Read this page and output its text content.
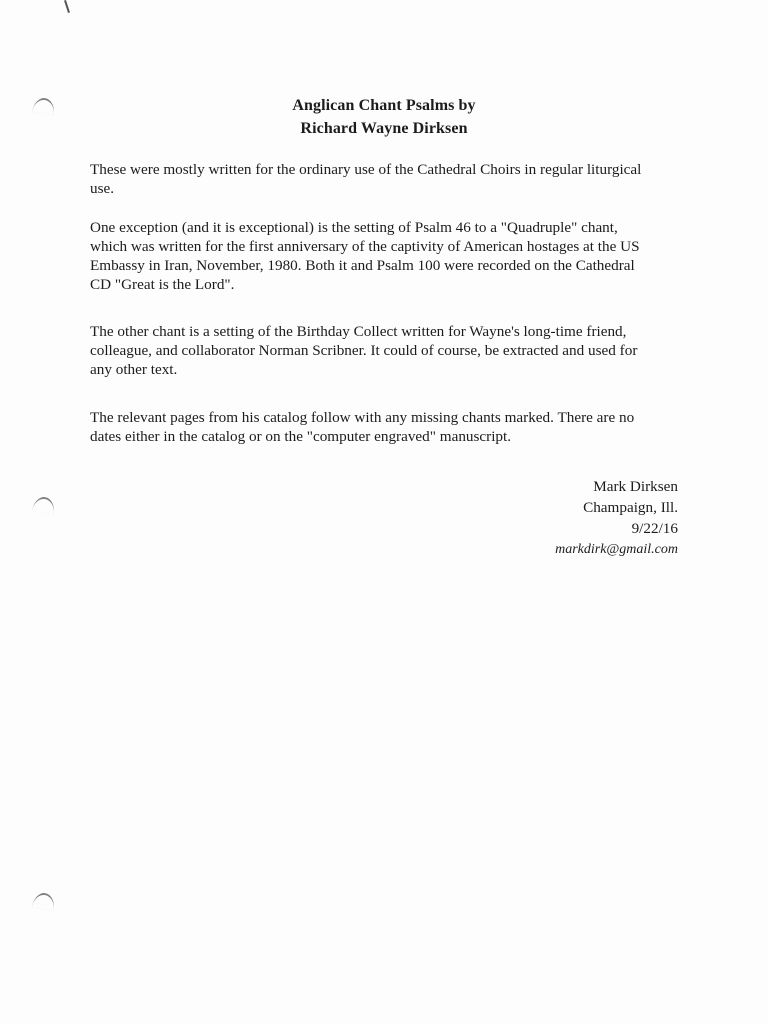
Anglican Chant Psalms by
Richard Wayne Dirksen

These were mostly written for the ordinary use of the Cathedral Choirs in regular liturgical
use.

One exception (and it is exceptional) is the setting of Psalm 46 to a "Quadruple" chant,
which was written for the first anniversary of the captivity of American hostages at the US
Embassy in Iran, November, 1980. Both it and Psalm 100 were recorded on the Cathedral
CD "Great is the Lord".

The other chant is a setting of the Birthday Collect written for Wayne's long-time friend,
colleague, and collaborator Norman Scribner. It could of course, be extracted and used for
any other text.

The relevant pages from his catalog follow with any missing chants marked. There are no
dates either in the catalog or on the "computer engraved" manuscript.

Mark Dirksen
Champaign, Ill.
9/22/16
markdirk@gmail.com
